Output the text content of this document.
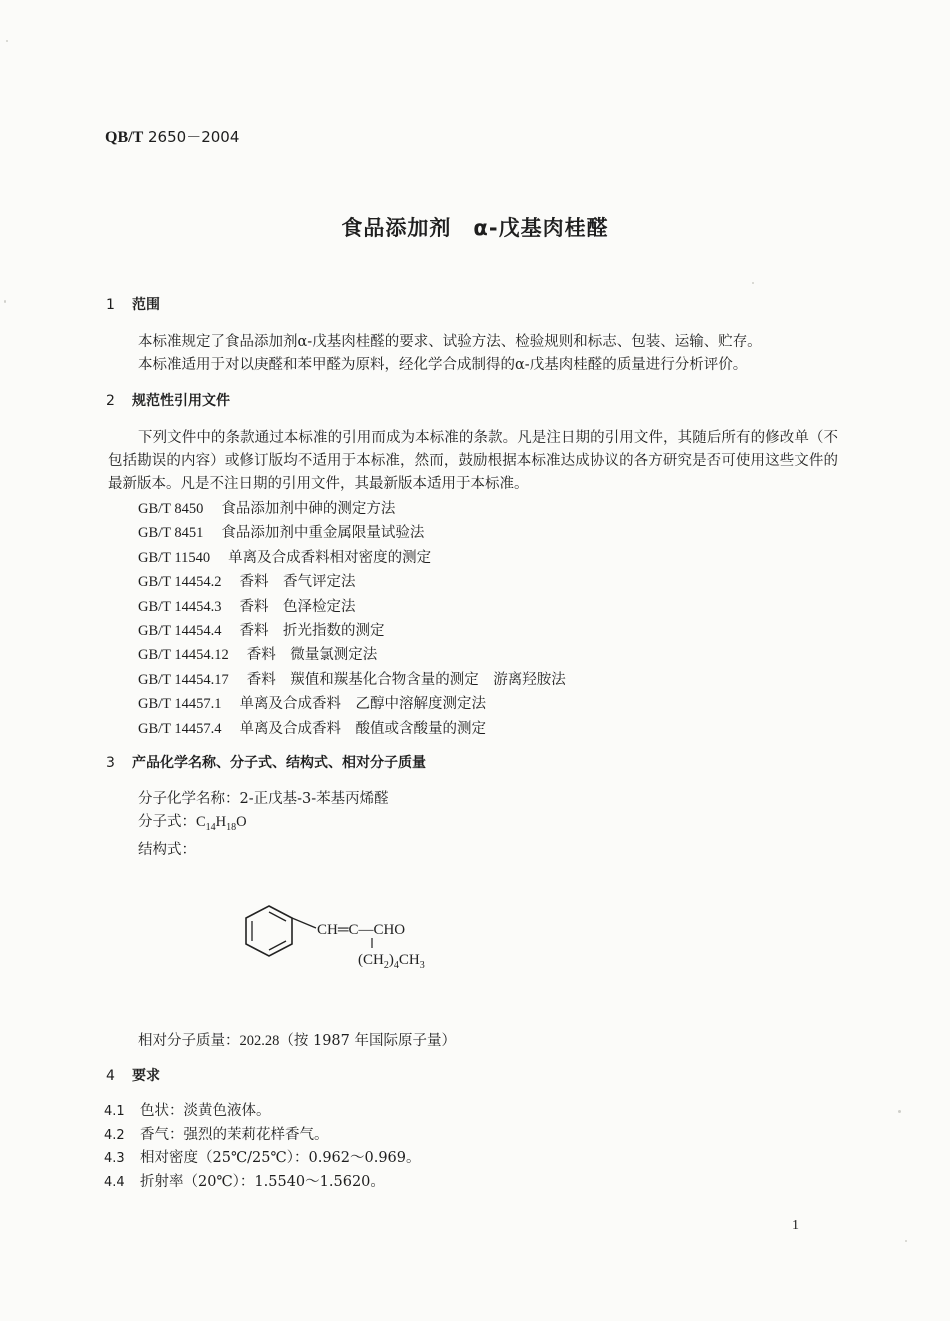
QB/T 2650－2004
食品添加剂　α-戊基肉桂醛
1 范围

本标准规定了食品添加剂α-戊基肉桂醛的要求、试验方法、检验规则和标志、包装、运输、贮存。

本标准适用于对以庚醛和苯甲醛为原料，经化学合成制得的α-戊基肉桂醛的质量进行分析评价。

2 规范性引用文件

下列文件中的条款通过本标准的引用而成为本标准的条款。凡是注日期的引用文件，其随后所有的修改单（不包括勘误的内容）或修订版均不适用于本标准，然而，鼓励根据本标准达成协议的各方研究是否可使用这些文件的最新版本。凡是不注日期的引用文件，其最新版本适用于本标准。

GB/T 8450 食品添加剂中砷的测定方法
GB/T 8451 食品添加剂中重金属限量试验法
GB/T 11540 单离及合成香料相对密度的测定
GB/T 14454.2 香料　香气评定法
GB/T 14454.3 香料　色泽检定法
GB/T 14454.4 香料　折光指数的测定
GB/T 14454.12 香料　微量氯测定法
GB/T 14454.17 香料　羰值和羰基化合物含量的测定　游离羟胺法
GB/T 14457.1 单离及合成香料　乙醇中溶解度测定法
GB/T 14457.4 单离及合成香料　酸值或含酸量的测定
3 产品化学名称、分子式、结构式、相对分子质量
分子化学名称：2-正戊基-3-苯基丙烯醛
分子式：$C_{14}H_{18}O$
结构式：
CH═C—CHO
$(CH_2)_4CH_3$
相对分子质量：202.28（按 1987 年国际原子量）
4 要求
4.1 色状：淡黄色液体。
4.2 香气：强烈的茉莉花样香气。
4.3 相对密度（25℃/25℃）：0.962～0.969。
4.4 折射率（20℃）：1.5540～1.5620。
1
